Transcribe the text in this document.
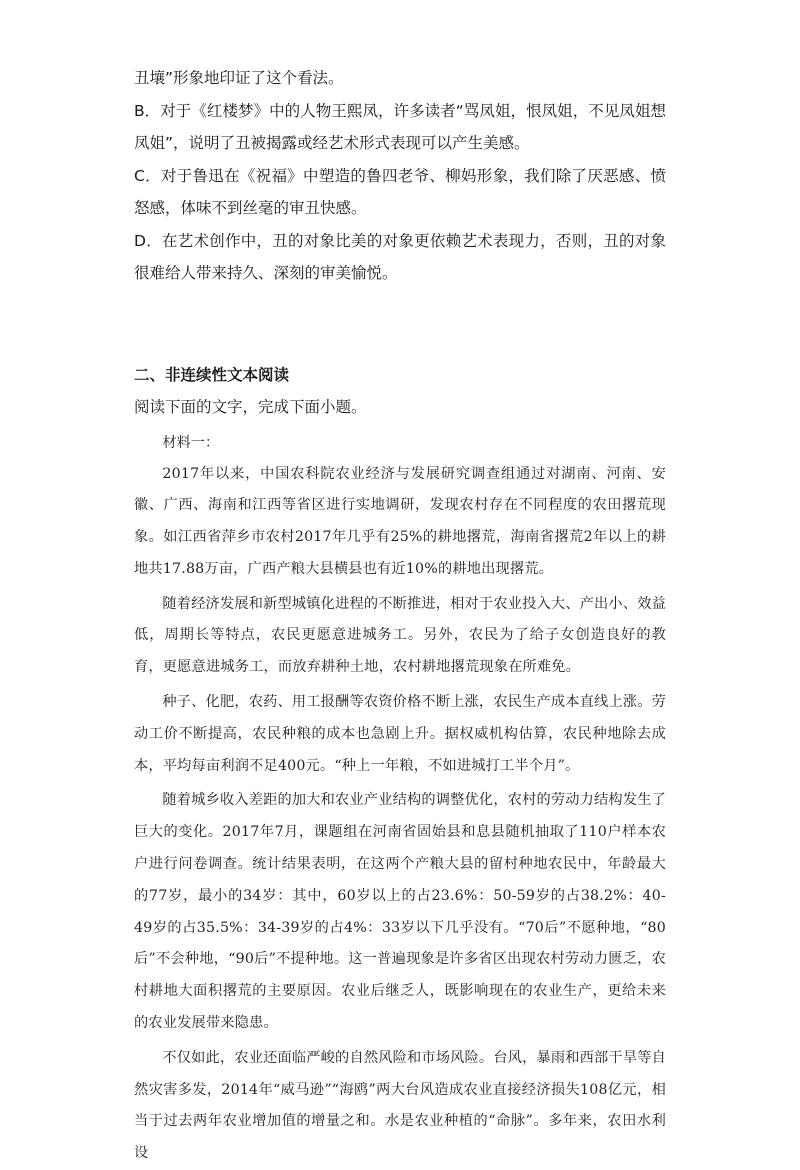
丑壤”形象地印证了这个看法。

B．对于《红楼梦》中的人物王熙凤，许多读者“骂凤姐，恨凤姐，不见凤姐想凤姐”，说明了丑被揭露或经艺术形式表现可以产生美感。

C．对于鲁迅在《祝福》中塑造的鲁四老爷、柳妈形象，我们除了厌恶感、愤怒感，体味不到丝毫的审丑快感。

D．在艺术创作中，丑的对象比美的对象更依赖艺术表现力，否则，丑的对象很难给人带来持久、深刻的审美愉悦。

二、非连续性文本阅读

阅读下面的文字，完成下面小题。

材料一：

2017年以来，中国农科院农业经济与发展研究调查组通过对湖南、河南、安徽、广西、海南和江西等省区进行实地调研，发现农村存在不同程度的农田撂荒现象。如江西省萍乡市农村2017年几乎有25%的耕地撂荒，海南省撂荒2年以上的耕地共17.88万亩，广西产粮大县横县也有近10%的耕地出现撂荒。

随着经济发展和新型城镇化进程的不断推进，相对于农业投入大、产出小、效益低，周期长等特点，农民更愿意进城务工。另外，农民为了给子女创造良好的教育，更愿意进城务工，而放弃耕种土地，农村耕地撂荒现象在所难免。

种子、化肥，农药、用工报酬等农资价格不断上涨，农民生产成本直线上涨。劳动工价不断提高，农民种粮的成本也急剧上升。据权威机构估算，农民种地除去成本，平均每亩利润不足400元。“种上一年粮，不如进城打工半个月”。

随着城乡收入差距的加大和农业产业结构的调整优化，农村的劳动力结构发生了巨大的变化。2017年7月，课题组在河南省固始县和息县随机抽取了110户样本农户进行问卷调查。统计结果表明，在这两个产粮大县的留村种地农民中，年龄最大的77岁，最小的34岁：其中，60岁以上的占23.6%：50-59岁的占38.2%：40-49岁的占35.5%：34-39岁的占4%：33岁以下几乎没有。“70后”不愿种地，“80后”不会种地，“90后”不提种地。这一普遍现象是许多省区出现农村劳动力匮乏，农村耕地大面积撂荒的主要原因。农业后继乏人，既影响现在的农业生产，更给未来的农业发展带来隐患。

不仅如此，农业还面临严峻的自然风险和市场风险。台风，暴雨和西部干旱等自然灾害多发，2014年“威马逊”“海鸥”两大台风造成农业直接经济损失108亿元，相当于过去两年农业增加值的增量之和。水是农业种植的“命脉”。多年来，农田水利设
